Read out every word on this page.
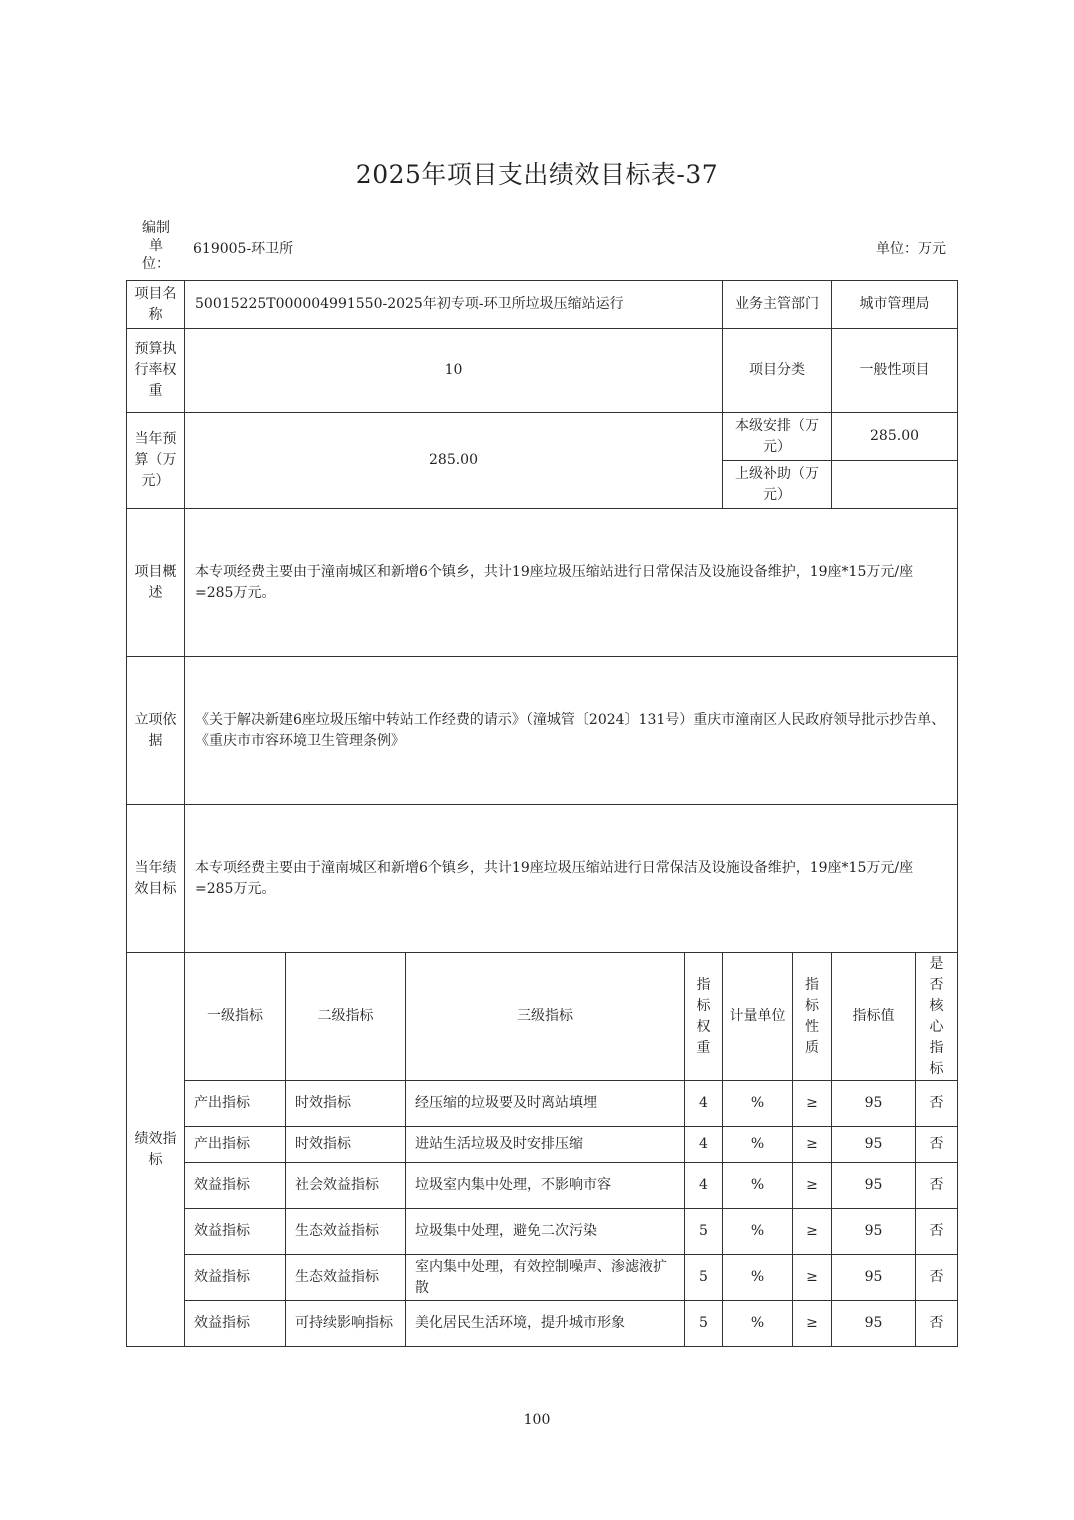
2025年项目支出绩效目标表-37
编制单位：
619005-环卫所	单位：万元
项目名称	50015225T000004991550-2025年初专项-环卫所垃圾压缩站运行				业务主管部门		城市管理局	
预算执行率权重	10				项目分类		一般性项目	
当年预算（万元）	285.00				本级安排（万元）		285.00	
					上级补助（万元）			
项目概述	本专项经费主要由于潼南城区和新增6个镇乡，共计19座垃圾压缩站进行日常保洁及设施设备维护，19座*15万元/座=285万元。							
立项依据	《关于解决新建6座垃圾压缩中转站工作经费的请示》（潼城管〔2024〕131号）重庆市潼南区人民政府领导批示抄告单、《重庆市市容环境卫生管理条例》							
当年绩效目标	本专项经费主要由于潼南城区和新增6个镇乡，共计19座垃圾压缩站进行日常保洁及设施设备维护，19座*15万元/座=285万元。							
绩效指标	一级指标	二级指标	三级指标	指标权重	计量单位	指标性质	指标值	是否核心指标
	产出指标	时效指标	经压缩的垃圾要及时离站填埋	4	%	≥	95	否
	产出指标	时效指标	进站生活垃圾及时安排压缩	4	%	≥	95	否
	效益指标	社会效益指标	垃圾室内集中处理，不影响市容	4	%	≥	95	否
	效益指标	生态效益指标	垃圾集中处理，避免二次污染	5	%	≥	95	否
	效益指标	生态效益指标	室内集中处理，有效控制噪声、渗滤液扩散	5	%	≥	95	否
	效益指标	可持续影响指标	美化居民生活环境，提升城市形象	5	%	≥	95	否
100
